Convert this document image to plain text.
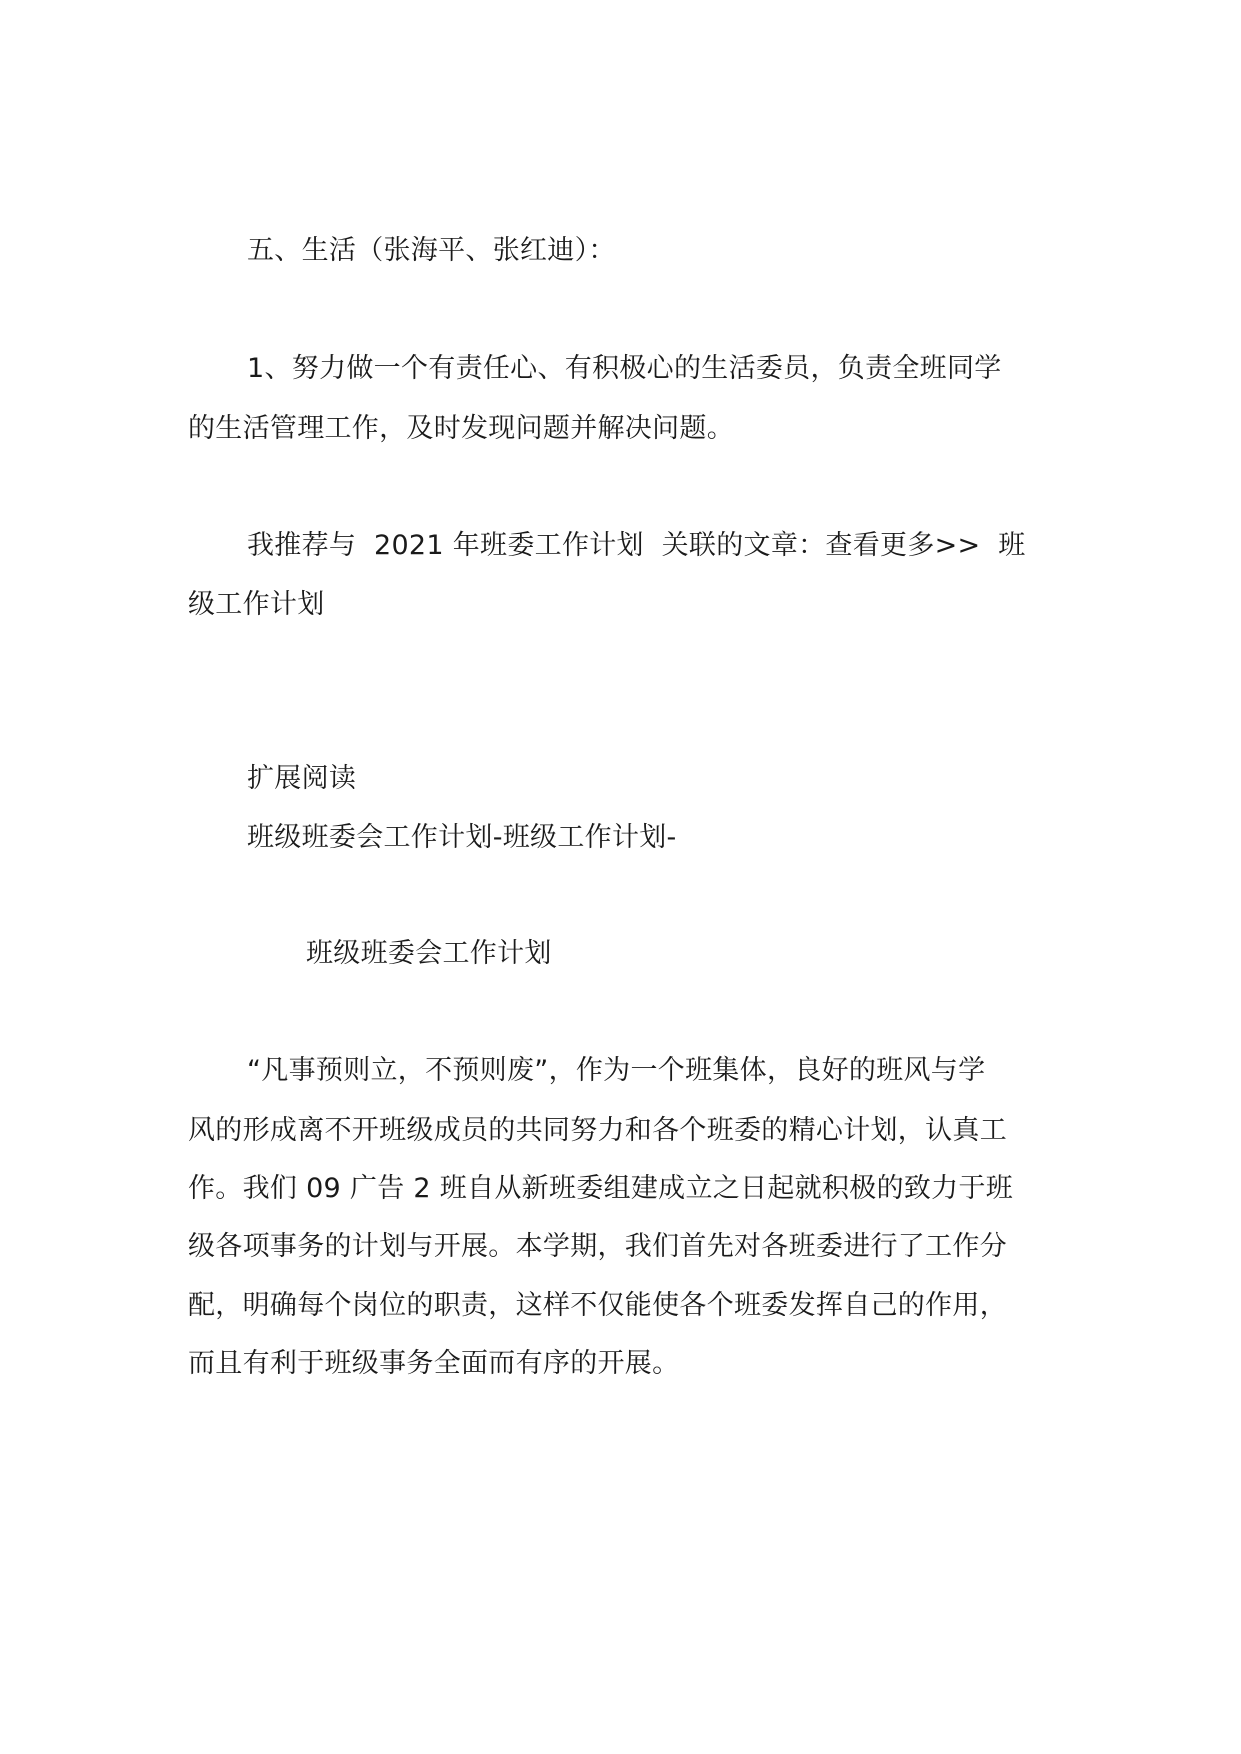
五、生活（张海平、张红迪）：
1、努力做一个有责任心、有积极心的生活委员，负责全班同学
的生活管理工作，及时发现问题并解决问题。
我推荐与  2021 年班委工作计划  关联的文章：查看更多>>  班
级工作计划
扩展阅读
班级班委会工作计划-班级工作计划-
班级班委会工作计划
“凡事预则立，不预则废”，作为一个班集体，良好的班风与学
风的形成离不开班级成员的共同努力和各个班委的精心计划，认真工
作。我们 09 广告 2 班自从新班委组建成立之日起就积极的致力于班
级各项事务的计划与开展。本学期，我们首先对各班委进行了工作分
配，明确每个岗位的职责，这样不仅能使各个班委发挥自己的作用，
而且有利于班级事务全面而有序的开展。
